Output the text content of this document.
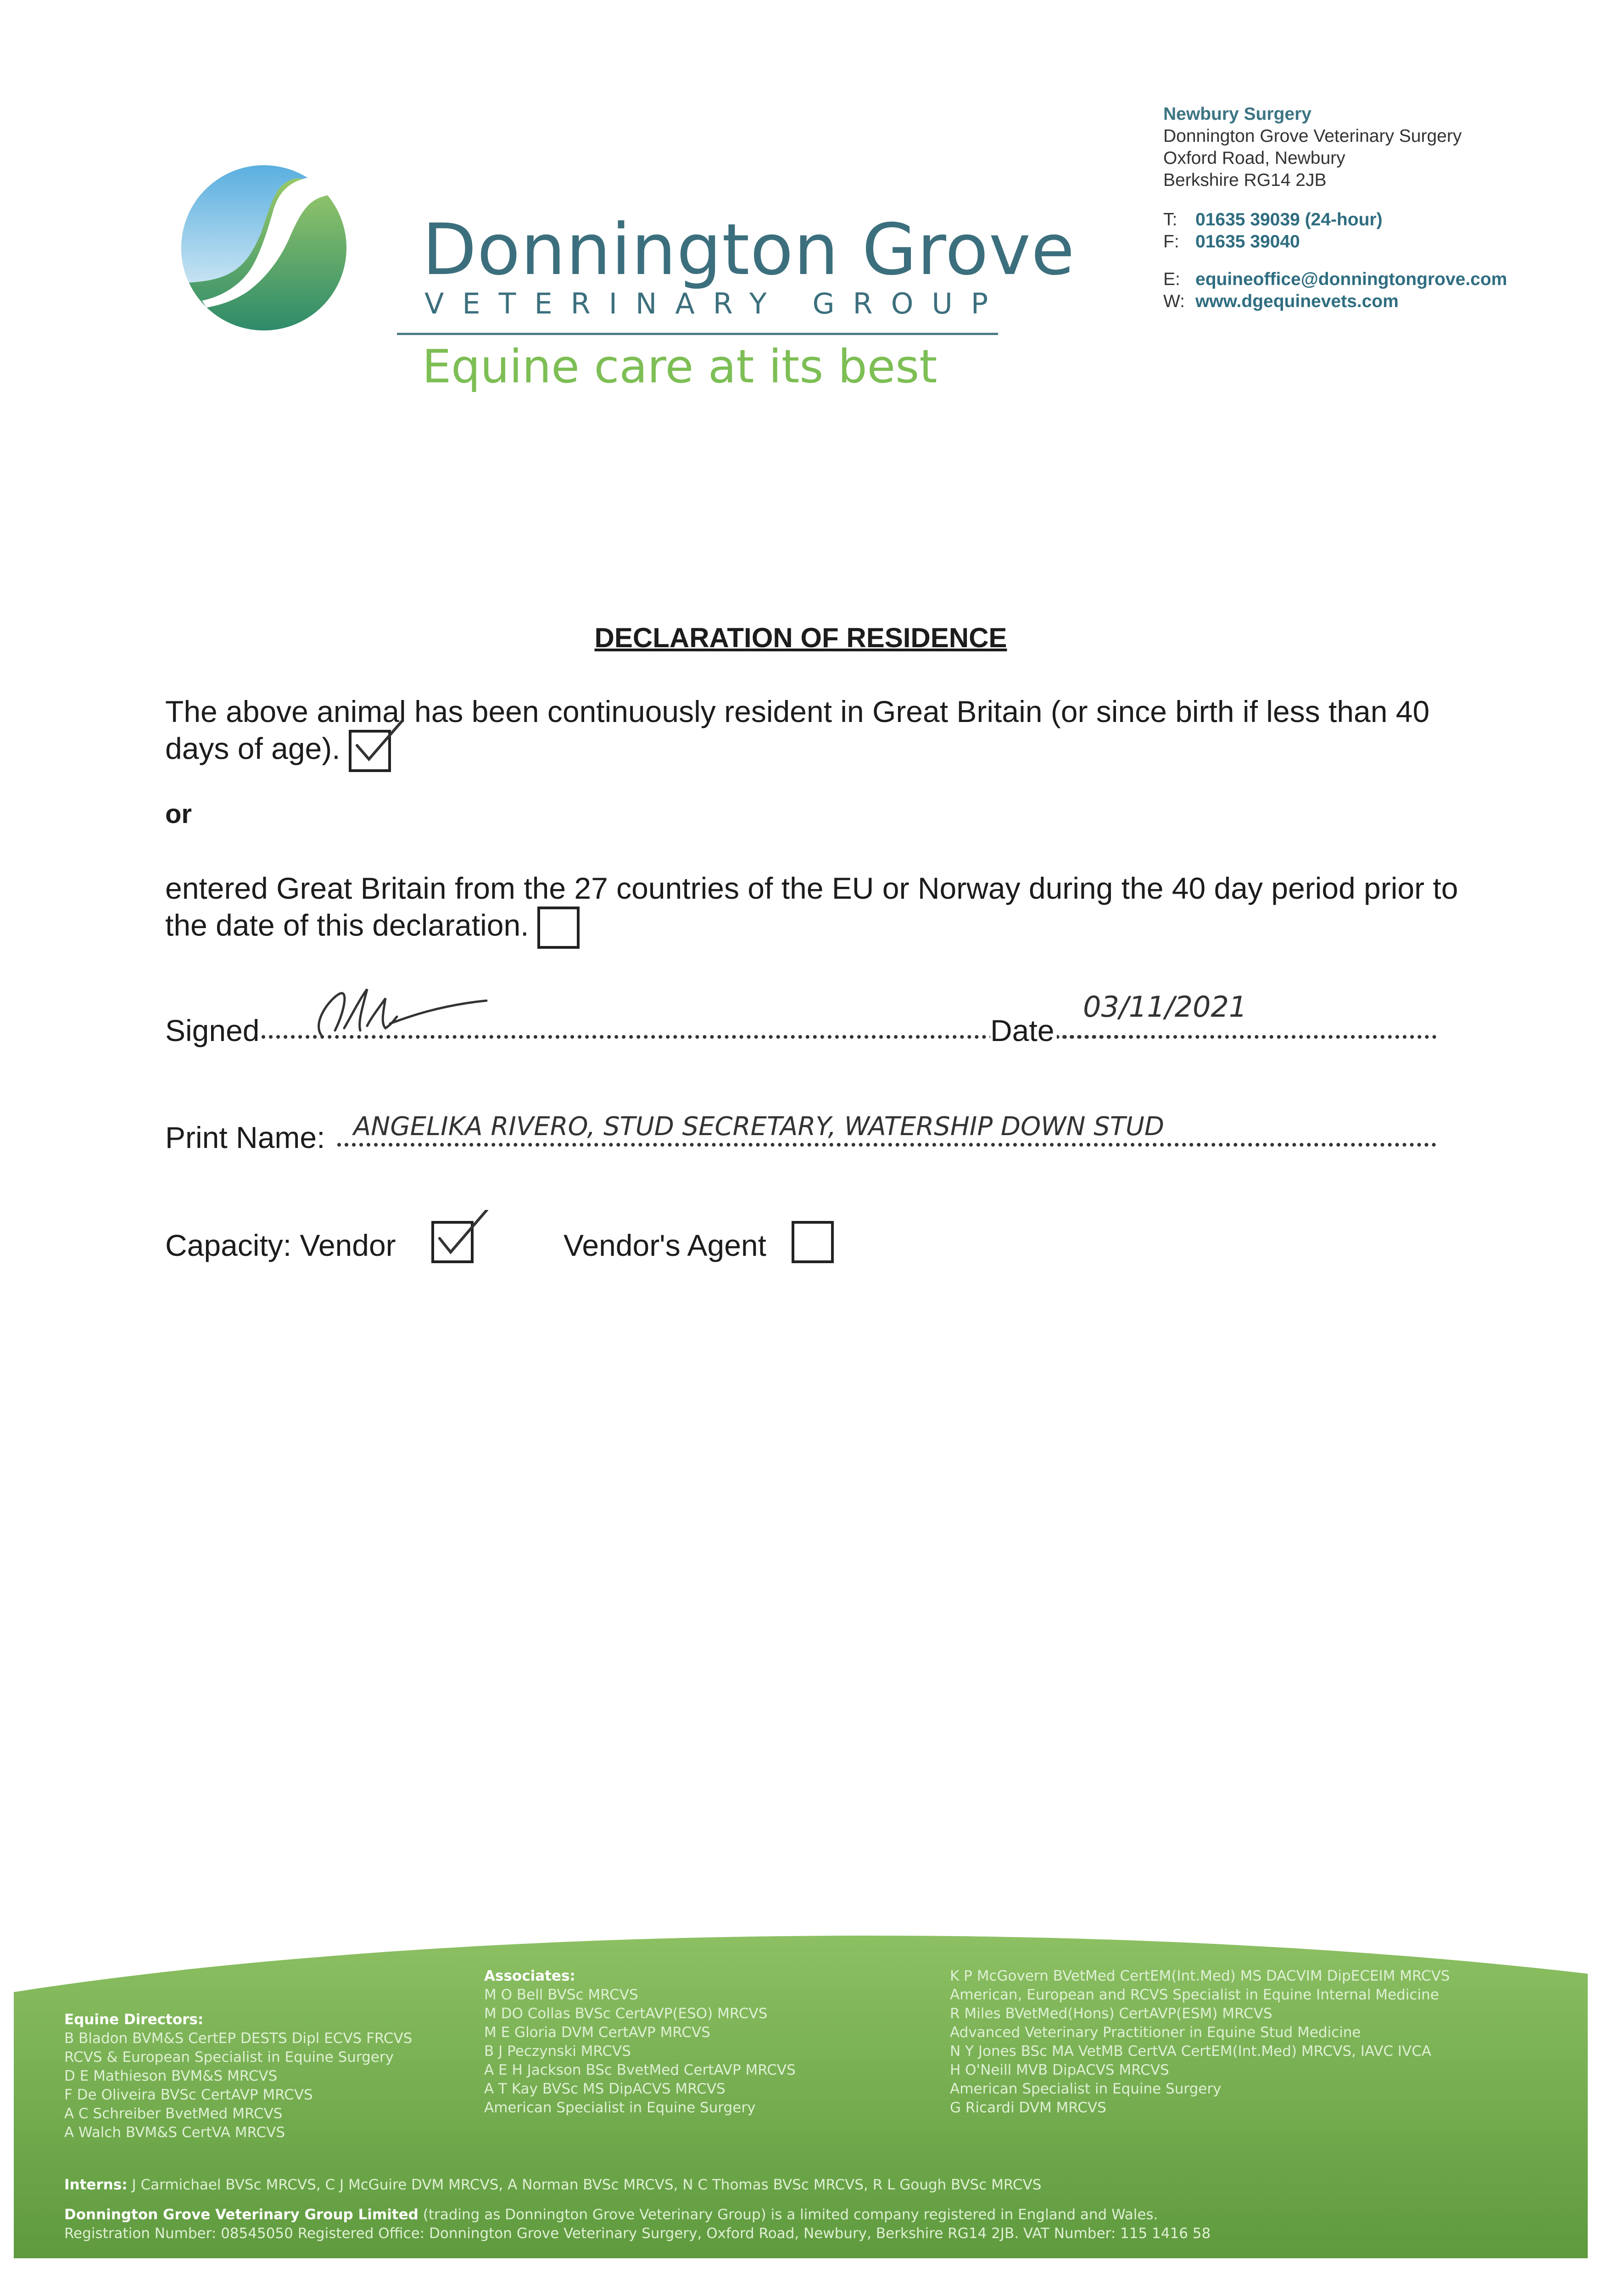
Donnington Grove
VETERINARY GROUP
Equine care at its best
Newbury Surgery
Donnington Grove Veterinary Surgery
Oxford Road, Newbury
Berkshire RG14 2JB
T: 01635 39039 (24-hour)
F: 01635 39040
E: equineoffice@donningtongrove.com
W: www.dgequinevets.com
DECLARATION OF RESIDENCE
The above animal has been continuously resident in Great Britain (or since birth if less than 40 days of age).
or
entered Great Britain from the 27 countries of the EU or Norway during the 40 day period prior to the date of this declaration.
Signed	Date
03/11/2021
Print Name: ANGELIKA RIVERO, STUD SECRETARY, WATERSHIP DOWN STUD
Capacity: Vendor	Vendor's Agent
Equine Directors:
B Bladon BVM&S CertEP DESTS Dipl ECVS FRCVS
RCVS & European Specialist in Equine Surgery
D E Mathieson BVM&S MRCVS
F De Oliveira BVSc CertAVP MRCVS
A C Schreiber BvetMed MRCVS
A Walch BVM&S CertVA MRCVS
Associates:
M O Bell BVSc MRCVS
M DO Collas BVSc CertAVP(ESO) MRCVS
M E Gloria DVM CertAVP MRCVS
B J Peczynski MRCVS
A E H Jackson BSc BvetMed CertAVP MRCVS
A T Kay BVSc MS DipACVS MRCVS
American Specialist in Equine Surgery
K P McGovern BVetMed CertEM(Int.Med) MS DACVIM DipECEIM MRCVS
American, European and RCVS Specialist in Equine Internal Medicine
R Miles BVetMed(Hons) CertAVP(ESM) MRCVS
Advanced Veterinary Practitioner in Equine Stud Medicine
N Y Jones BSc MA VetMB CertVA CertEM(Int.Med) MRCVS, IAVC IVCA
H O'Neill MVB DipACVS MRCVS
American Specialist in Equine Surgery
G Ricardi DVM MRCVS
Interns: J Carmichael BVSc MRCVS, C J McGuire DVM MRCVS, A Norman BVSc MRCVS, N C Thomas BVSc MRCVS, R L Gough BVSc MRCVS
Donnington Grove Veterinary Group Limited (trading as Donnington Grove Veterinary Group) is a limited company registered in England and Wales.
Registration Number: 08545050 Registered Office: Donnington Grove Veterinary Surgery, Oxford Road, Newbury, Berkshire RG14 2JB. VAT Number: 115 1416 58
